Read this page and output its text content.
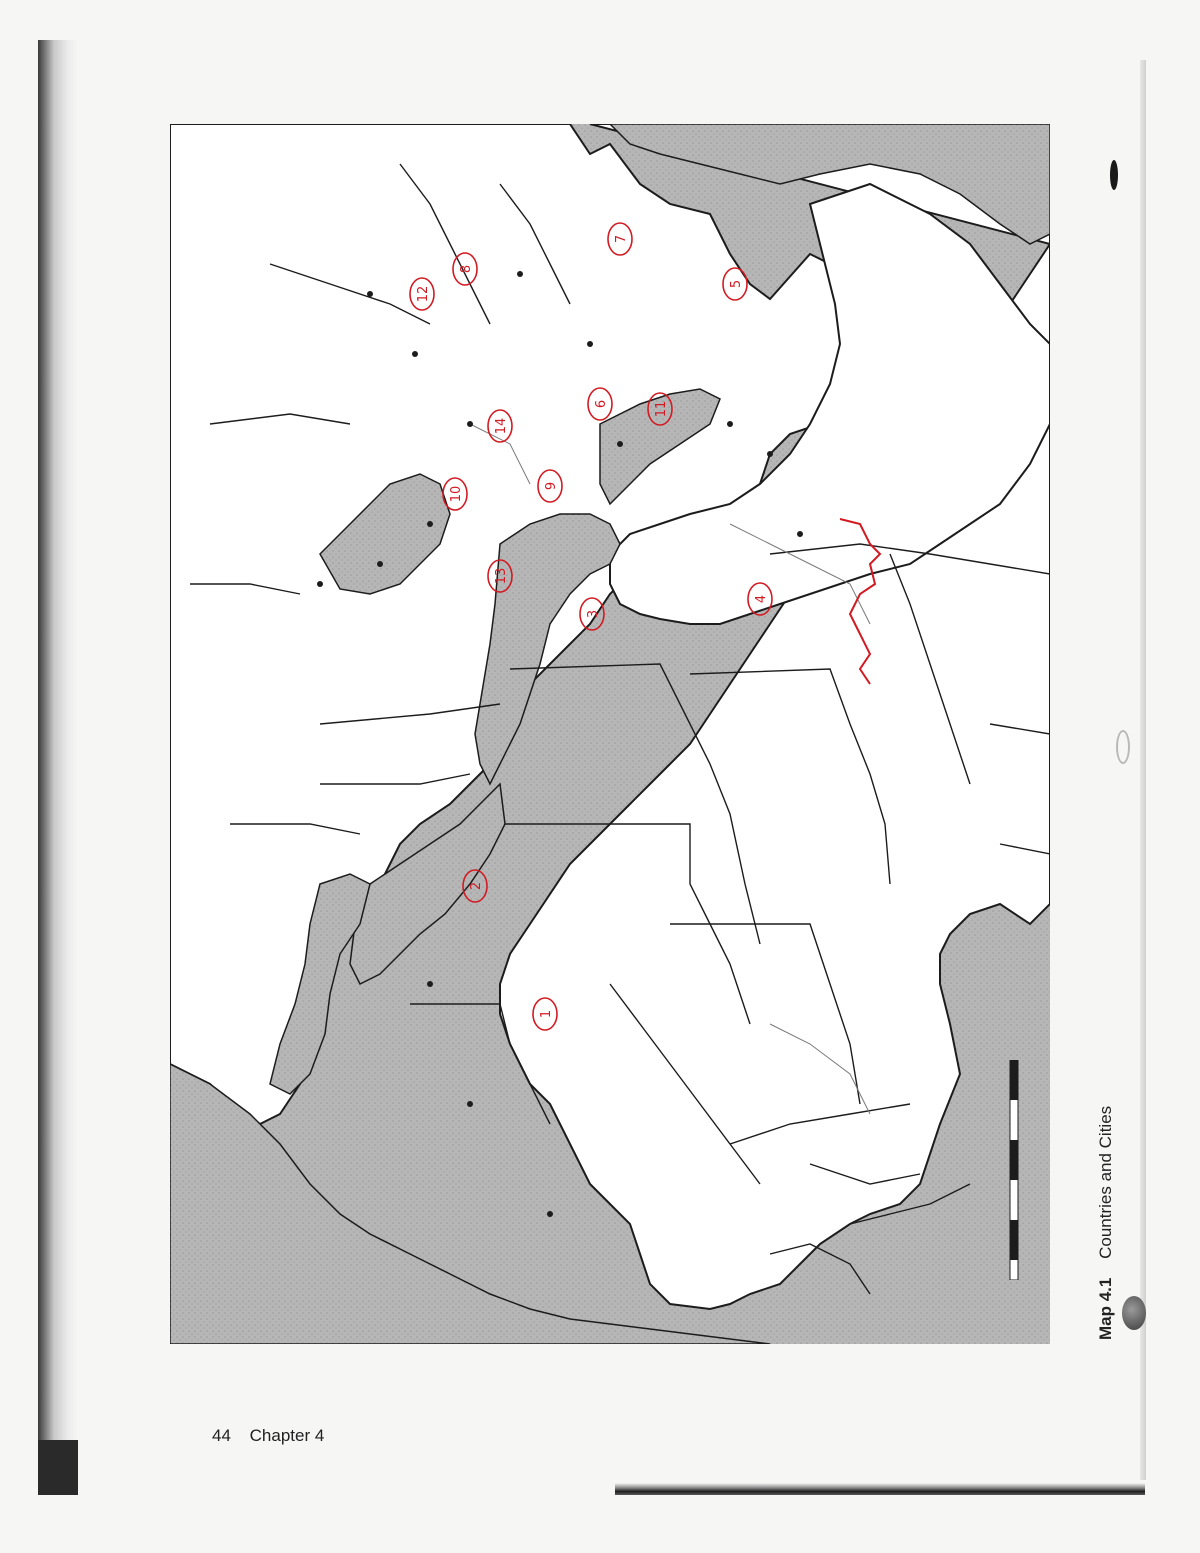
1
2
3
4
5
6
7
8
9
10
11
12
13
14
Map 4.1 Countries and Cities
44 Chapter 4
